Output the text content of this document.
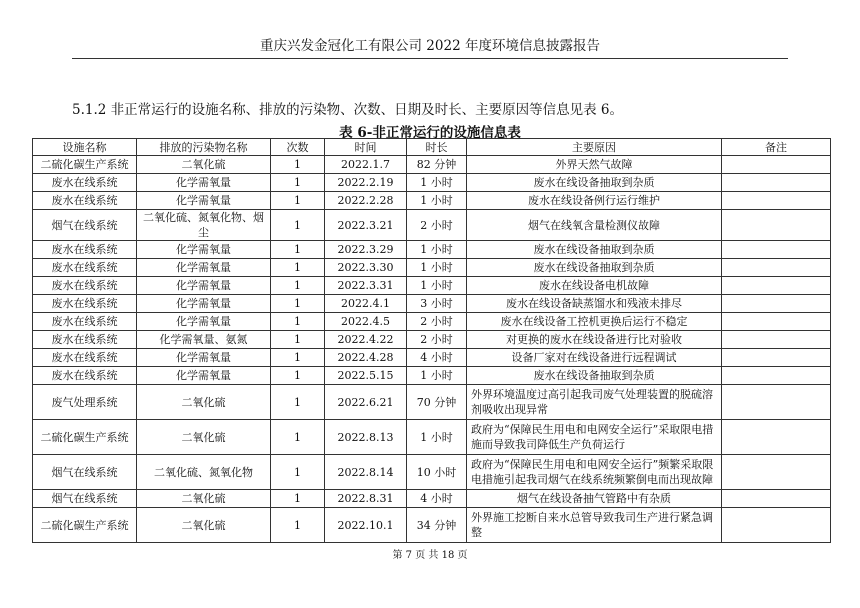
重庆兴发金冠化工有限公司 2022 年度环境信息披露报告
5.1.2 非正常运行的设施名称、排放的污染物、次数、日期及时长、主要原因等信息见表 6。
表 6-非正常运行的设施信息表
设施名称	排放的污染物名称	次数	时间	时长	主要原因	备注
二硫化碳生产系统	二氧化硫	1	2022.1.7	82 分钟	外界天然气故障	
废水在线系统	化学需氧量	1	2022.2.19	1 小时	废水在线设备抽取到杂质	
废水在线系统	化学需氧量	1	2022.2.28	1 小时	废水在线设备例行运行维护	
烟气在线系统	二氧化硫、氮氧化物、烟尘	1	2022.3.21	2 小时	烟气在线氧含量检测仪故障	
废水在线系统	化学需氧量	1	2022.3.29	1 小时	废水在线设备抽取到杂质	
废水在线系统	化学需氧量	1	2022.3.30	1 小时	废水在线设备抽取到杂质	
废水在线系统	化学需氧量	1	2022.3.31	1 小时	废水在线设备电机故障	
废水在线系统	化学需氧量	1	2022.4.1	3 小时	废水在线设备缺蒸馏水和残液未排尽	
废水在线系统	化学需氧量	1	2022.4.5	2 小时	废水在线设备工控机更换后运行不稳定	
废水在线系统	化学需氧量、氨氮	1	2022.4.22	2 小时	对更换的废水在线设备进行比对验收	
废水在线系统	化学需氧量	1	2022.4.28	4 小时	设备厂家对在线设备进行远程调试	
废水在线系统	化学需氧量	1	2022.5.15	1 小时	废水在线设备抽取到杂质	
废气处理系统	二氧化硫	1	2022.6.21	70 分钟	外界环境温度过高引起我司废气处理装置的脱硫溶剂吸收出现异常	
二硫化碳生产系统	二氧化硫	1	2022.8.13	1 小时	政府为“保障民生用电和电网安全运行”采取限电措施而导致我司降低生产负荷运行	
烟气在线系统	二氧化硫、氮氧化物	1	2022.8.14	10 小时	政府为“保障民生用电和电网安全运行”频繁采取限电措施引起我司烟气在线系统频繁倒电而出现故障	
烟气在线系统	二氧化硫	1	2022.8.31	4 小时	烟气在线设备抽气管路中有杂质	
二硫化碳生产系统	二氧化硫	1	2022.10.1	34 分钟	外界施工挖断自来水总管导致我司生产进行紧急调整	
第 7 页 共 18 页
